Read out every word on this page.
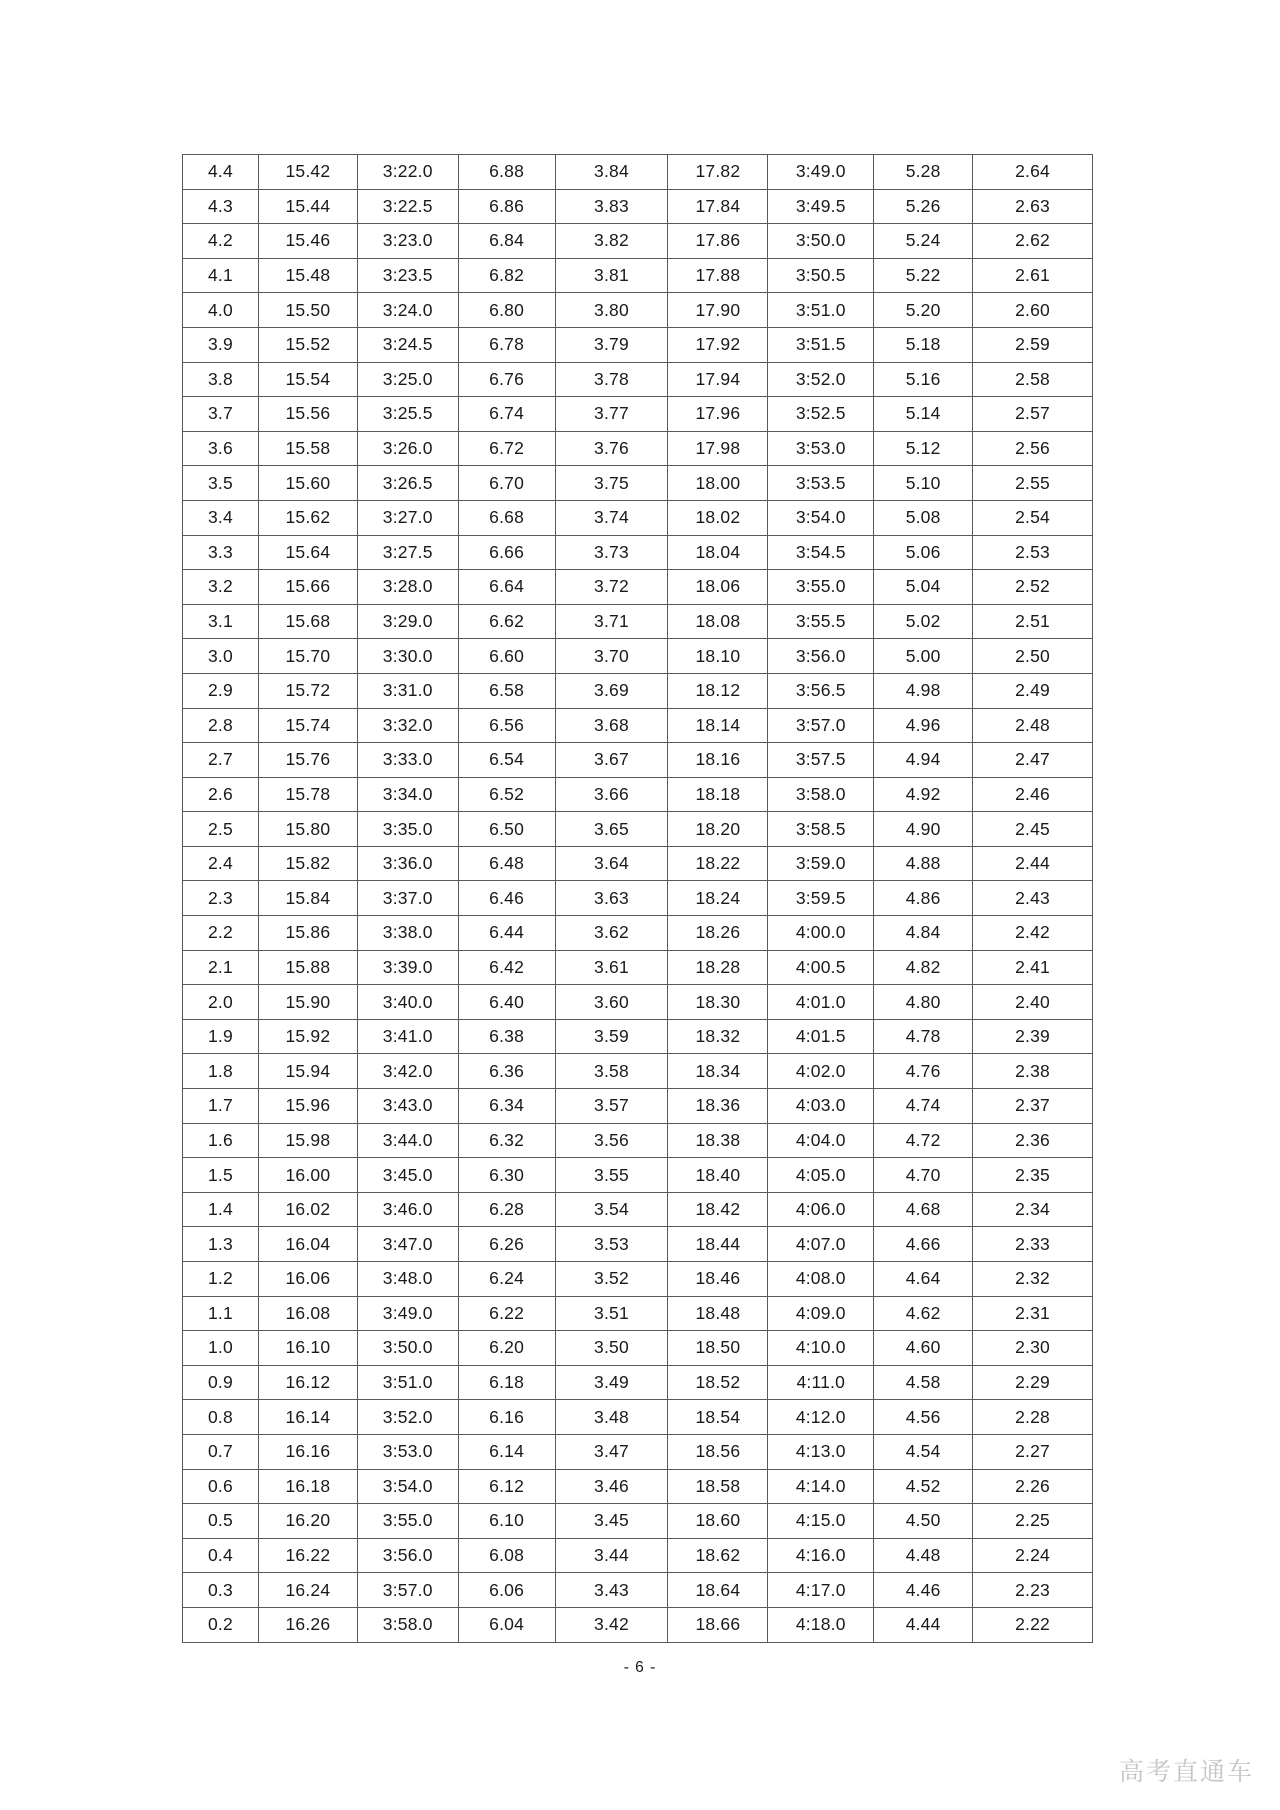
4.4	15.42	3:22.0	6.88	3.84	17.82	3:49.0	5.28	2.64
4.3	15.44	3:22.5	6.86	3.83	17.84	3:49.5	5.26	2.63
4.2	15.46	3:23.0	6.84	3.82	17.86	3:50.0	5.24	2.62
4.1	15.48	3:23.5	6.82	3.81	17.88	3:50.5	5.22	2.61
4.0	15.50	3:24.0	6.80	3.80	17.90	3:51.0	5.20	2.60
3.9	15.52	3:24.5	6.78	3.79	17.92	3:51.5	5.18	2.59
3.8	15.54	3:25.0	6.76	3.78	17.94	3:52.0	5.16	2.58
3.7	15.56	3:25.5	6.74	3.77	17.96	3:52.5	5.14	2.57
3.6	15.58	3:26.0	6.72	3.76	17.98	3:53.0	5.12	2.56
3.5	15.60	3:26.5	6.70	3.75	18.00	3:53.5	5.10	2.55
3.4	15.62	3:27.0	6.68	3.74	18.02	3:54.0	5.08	2.54
3.3	15.64	3:27.5	6.66	3.73	18.04	3:54.5	5.06	2.53
3.2	15.66	3:28.0	6.64	3.72	18.06	3:55.0	5.04	2.52
3.1	15.68	3:29.0	6.62	3.71	18.08	3:55.5	5.02	2.51
3.0	15.70	3:30.0	6.60	3.70	18.10	3:56.0	5.00	2.50
2.9	15.72	3:31.0	6.58	3.69	18.12	3:56.5	4.98	2.49
2.8	15.74	3:32.0	6.56	3.68	18.14	3:57.0	4.96	2.48
2.7	15.76	3:33.0	6.54	3.67	18.16	3:57.5	4.94	2.47
2.6	15.78	3:34.0	6.52	3.66	18.18	3:58.0	4.92	2.46
2.5	15.80	3:35.0	6.50	3.65	18.20	3:58.5	4.90	2.45
2.4	15.82	3:36.0	6.48	3.64	18.22	3:59.0	4.88	2.44
2.3	15.84	3:37.0	6.46	3.63	18.24	3:59.5	4.86	2.43
2.2	15.86	3:38.0	6.44	3.62	18.26	4:00.0	4.84	2.42
2.1	15.88	3:39.0	6.42	3.61	18.28	4:00.5	4.82	2.41
2.0	15.90	3:40.0	6.40	3.60	18.30	4:01.0	4.80	2.40
1.9	15.92	3:41.0	6.38	3.59	18.32	4:01.5	4.78	2.39
1.8	15.94	3:42.0	6.36	3.58	18.34	4:02.0	4.76	2.38
1.7	15.96	3:43.0	6.34	3.57	18.36	4:03.0	4.74	2.37
1.6	15.98	3:44.0	6.32	3.56	18.38	4:04.0	4.72	2.36
1.5	16.00	3:45.0	6.30	3.55	18.40	4:05.0	4.70	2.35
1.4	16.02	3:46.0	6.28	3.54	18.42	4:06.0	4.68	2.34
1.3	16.04	3:47.0	6.26	3.53	18.44	4:07.0	4.66	2.33
1.2	16.06	3:48.0	6.24	3.52	18.46	4:08.0	4.64	2.32
1.1	16.08	3:49.0	6.22	3.51	18.48	4:09.0	4.62	2.31
1.0	16.10	3:50.0	6.20	3.50	18.50	4:10.0	4.60	2.30
0.9	16.12	3:51.0	6.18	3.49	18.52	4:11.0	4.58	2.29
0.8	16.14	3:52.0	6.16	3.48	18.54	4:12.0	4.56	2.28
0.7	16.16	3:53.0	6.14	3.47	18.56	4:13.0	4.54	2.27
0.6	16.18	3:54.0	6.12	3.46	18.58	4:14.0	4.52	2.26
0.5	16.20	3:55.0	6.10	3.45	18.60	4:15.0	4.50	2.25
0.4	16.22	3:56.0	6.08	3.44	18.62	4:16.0	4.48	2.24
0.3	16.24	3:57.0	6.06	3.43	18.64	4:17.0	4.46	2.23
0.2	16.26	3:58.0	6.04	3.42	18.66	4:18.0	4.44	2.22
- 6 -
高考直通车
